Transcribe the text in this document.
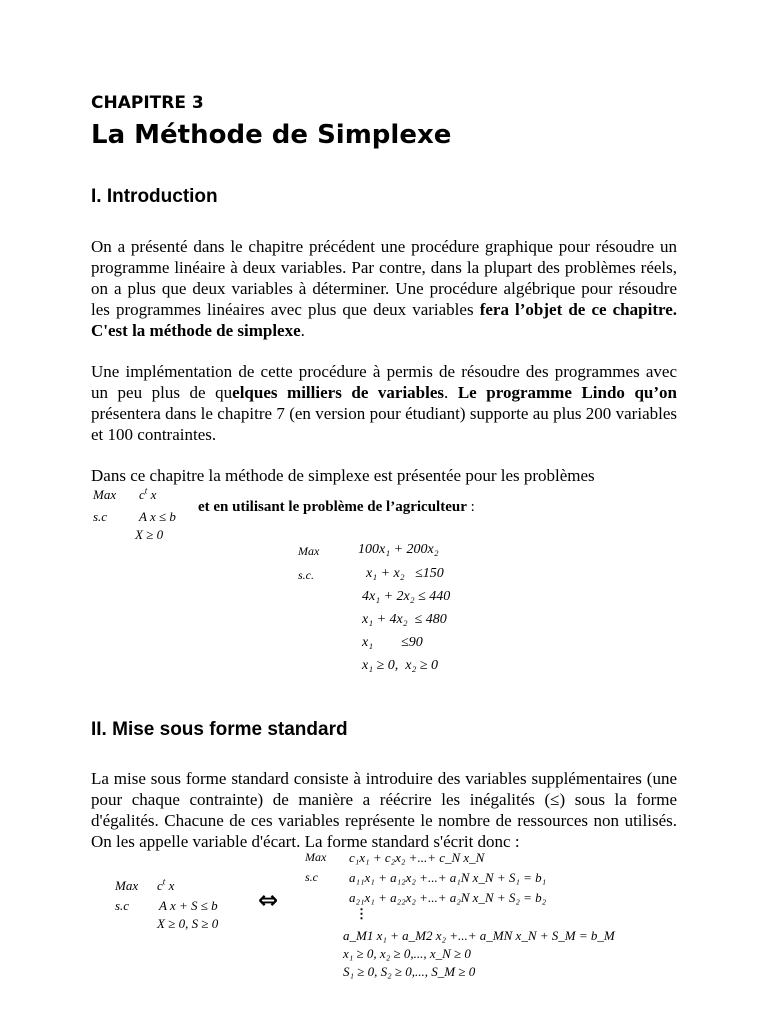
CHAPITRE 3
La Méthode de Simplexe
I. Introduction

On a présenté dans le chapitre précédent une procédure graphique pour résoudre un programme linéaire à deux variables. Par contre, dans la plupart des problèmes réels, on a plus que deux variables à déterminer. Une procédure algébrique pour résoudre les programmes linéaires avec plus que deux variables fera l’objet de ce chapitre. C'est la méthode de simplexe.

Une implémentation de cette procédure à permis de résoudre des programmes avec un peu plus de quelques milliers de variables. Le programme Lindo qu’on présentera dans le chapitre 7 (en version pour étudiant) supporte au plus 200 variables et 100 contraintes.

Dans ce chapitre la méthode de simplexe est présentée pour les problèmes

Max $c^t$ x
s.c A x ≤ b
X ≥ 0
et en utilisant le problème de l’agriculteur :
Max	100x₁ + 200x₂
s.c.	x₁ + x₂   ≤150
4x₁ + 2x₂ ≤ 440
x₁ + 4x₂  ≤ 480
x₁        ≤90
x₁ ≥ 0,  x₂ ≥ 0
II. Mise sous forme standard

La mise sous forme standard consiste à introduire des variables supplémentaires (une pour chaque contrainte) de manière a réécrire les inégalités (≤) sous la forme d'égalités. Chacune de ces variables représente le nombre de ressources non utilisés. On les appelle variable d'écart. La forme standard s'écrit donc :

Max $c^t$ x
s.c A x + S ≤ b
X ≥ 0, S ≥ 0
⇔
Max c₁x₁ + c₂x₂ +...+ c_N x_N
s.c a₁₁x₁ + a₁₂x₂ +...+ a₁N x_N + S₁ = b₁
a₂₁x₁ + a₂₂x₂ +...+ a₂N x_N + S₂ = b₂
⋮
a_M1 x₁ + a_M2 x₂ +...+ a_MN x_N + S_M = b_M
x₁ ≥ 0, x₂ ≥ 0,..., x_N ≥ 0
S₁ ≥ 0, S₂ ≥ 0,..., S_M ≥ 0
